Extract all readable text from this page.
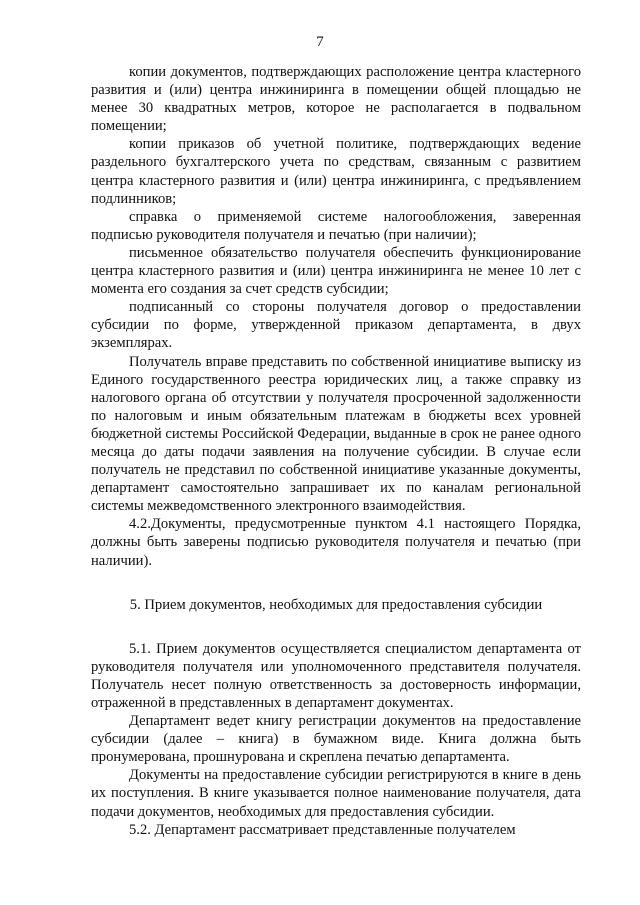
7

копии документов, подтверждающих расположение центра кластерного развития и (или) центра инжиниринга в помещении общей площадью не менее 30 квадратных метров, которое не располагается в подвальном помещении;

копии приказов об учетной политике, подтверждающих ведение раздельного бухгалтерского учета по средствам, связанным с развитием центра кластерного развития и (или) центра инжиниринга, с предъявлением подлинников;

справка о применяемой системе налогообложения, заверенная подписью руководителя получателя и печатью (при наличии);

письменное обязательство получателя обеспечить функционирование центра кластерного развития и (или) центра инжиниринга не менее 10 лет с момента его создания за счет средств субсидии;

подписанный со стороны получателя договор о предоставлении субсидии по форме, утвержденной приказом департамента, в двух экземплярах.

Получатель вправе представить по собственной инициативе выписку из Единого государственного реестра юридических лиц, а также справку из налогового органа об отсутствии у получателя просроченной задолженности по налоговым и иным обязательным платежам в бюджеты всех уровней бюджетной системы Российской Федерации, выданные в срок не ранее одного месяца до даты подачи заявления на получение субсидии. В случае если получатель не представил по собственной инициативе указанные документы, департамент самостоятельно запрашивает их по каналам региональной системы межведомственного электронного взаимодействия.

4.2.Документы, предусмотренные пунктом 4.1 настоящего Порядка, должны быть заверены подписью руководителя получателя и печатью (при наличии).

5. Прием документов, необходимых для предоставления субсидии

5.1. Прием документов осуществляется специалистом департамента от руководителя получателя или уполномоченного представителя получателя. Получатель несет полную ответственность за достоверность информации, отраженной в представленных в департамент документах.

Департамент ведет книгу регистрации документов на предоставление субсидии (далее – книга) в бумажном виде. Книга должна быть пронумерована, прошнурована и скреплена печатью департамента.

Документы на предоставление субсидии регистрируются в книге в день их поступления. В книге указывается полное наименование получателя, дата подачи документов, необходимых для предоставления субсидии.

5.2. Департамент рассматривает представленные получателем
